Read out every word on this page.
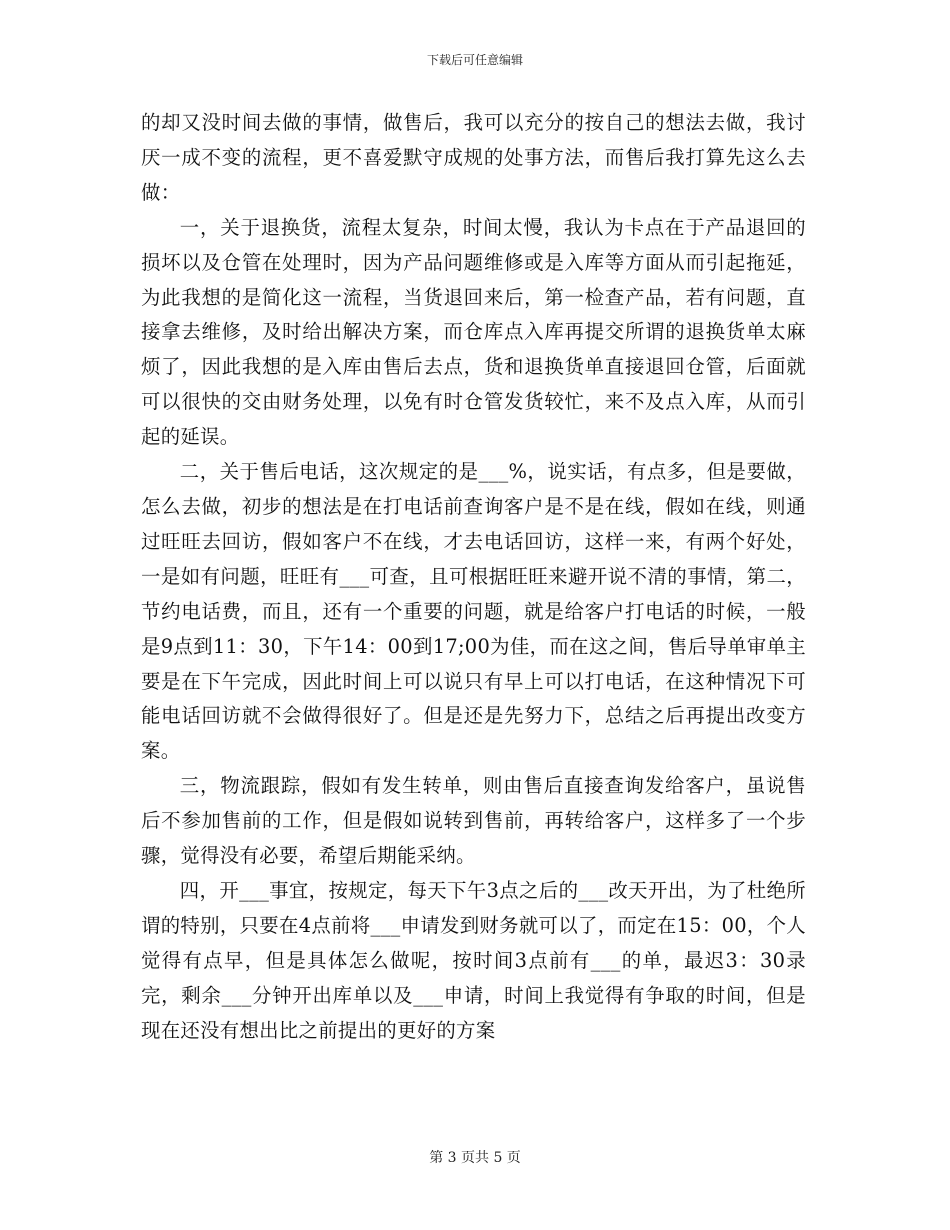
下载后可任意编辑

的却又没时间去做的事情，做售后，我可以充分的按自己的想法去做，我讨厌一成不变的流程，更不喜爱默守成规的处事方法，而售后我打算先这么去做：

一，关于退换货，流程太复杂，时间太慢，我认为卡点在于产品退回的损坏以及仓管在处理时，因为产品问题维修或是入库等方面从而引起拖延，为此我想的是简化这一流程，当货退回来后，第一检查产品，若有问题，直接拿去维修，及时给出解决方案，而仓库点入库再提交所谓的退换货单太麻烦了，因此我想的是入库由售后去点，货和退换货单直接退回仓管，后面就可以很快的交由财务处理，以免有时仓管发货较忙，来不及点入库，从而引起的延误。

二，关于售后电话，这次规定的是___%，说实话，有点多，但是要做，怎么去做，初步的想法是在打电话前查询客户是不是在线，假如在线，则通过旺旺去回访，假如客户不在线，才去电话回访，这样一来，有两个好处，一是如有问题，旺旺有___可查，且可根据旺旺来避开说不清的事情，第二，节约电话费，而且，还有一个重要的问题，就是给客户打电话的时候，一般是9点到11：30，下午14：00到17;00为佳，而在这之间，售后导单审单主要是在下午完成，因此时间上可以说只有早上可以打电话，在这种情况下可能电话回访就不会做得很好了。但是还是先努力下，总结之后再提出改变方案。

三，物流跟踪，假如有发生转单，则由售后直接查询发给客户，虽说售后不参加售前的工作，但是假如说转到售前，再转给客户，这样多了一个步骤，觉得没有必要，希望后期能采纳。

四，开___事宜，按规定，每天下午3点之后的___改天开出，为了杜绝所谓的特别，只要在4点前将___申请发到财务就可以了，而定在15：00，个人觉得有点早，但是具体怎么做呢，按时间3点前有___的单，最迟3：30录完，剩余___分钟开出库单以及___申请，时间上我觉得有争取的时间，但是现在还没有想出比之前提出的更好的方案

第 3 页共 5 页
